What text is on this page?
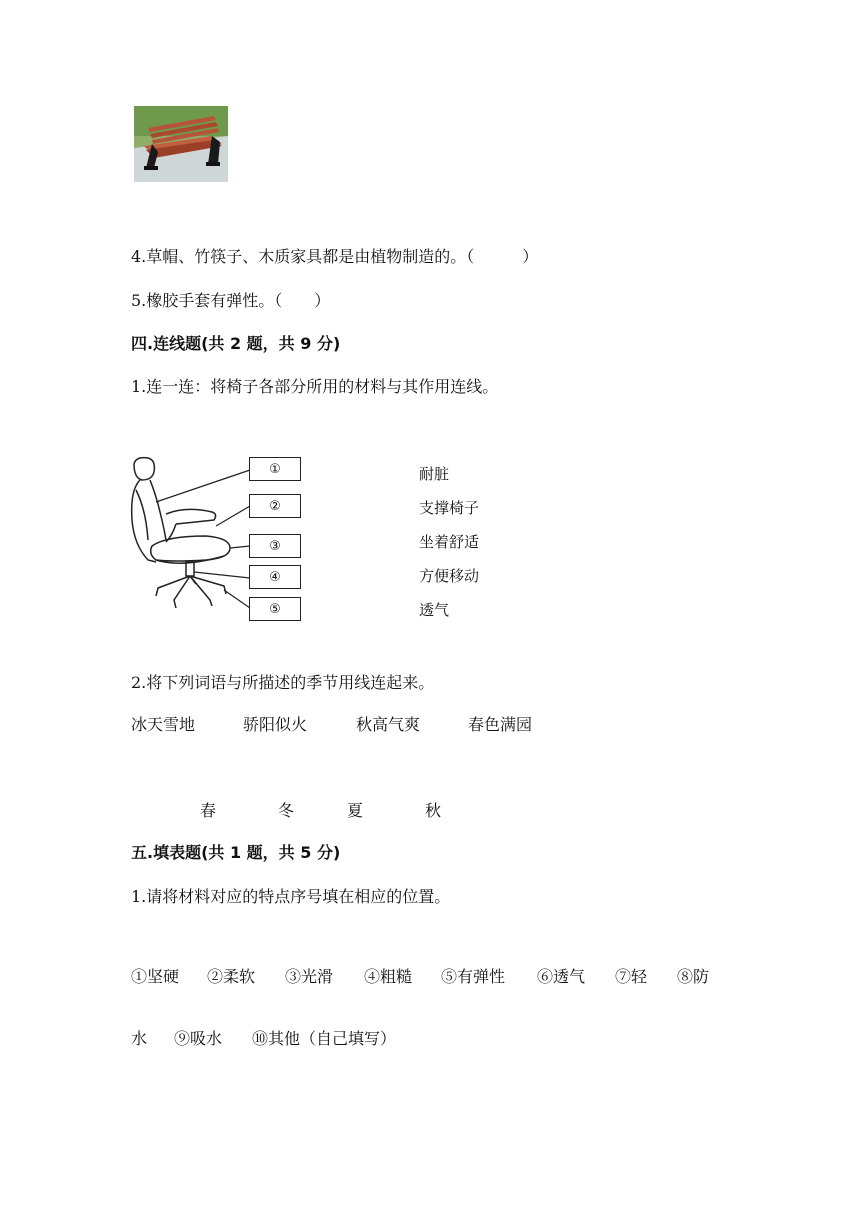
4.草帽、竹筷子、木质家具都是由植物制造的。（　　　）
5.橡胶手套有弹性。（　　）
四.连线题(共 2 题，共 9 分)
1.连一连：将椅子各部分所用的材料与其作用连线。
①
②
③
④
⑤
耐脏
支撑椅子
坐着舒适
方便移动
透气
2.将下列词语与所描述的季节用线连起来。
冰天雪地	骄阳似火	秋高气爽	春色满园
春	冬	夏	秋
五.填表题(共 1 题，共 5 分)
1.请将材料对应的特点序号填在相应的位置。
①坚硬 ②柔软 ③光滑 ④粗糙 ⑤有弹性 ⑥透气 ⑦轻 ⑧防
水 ⑨吸水 ⑩其他（自己填写）
